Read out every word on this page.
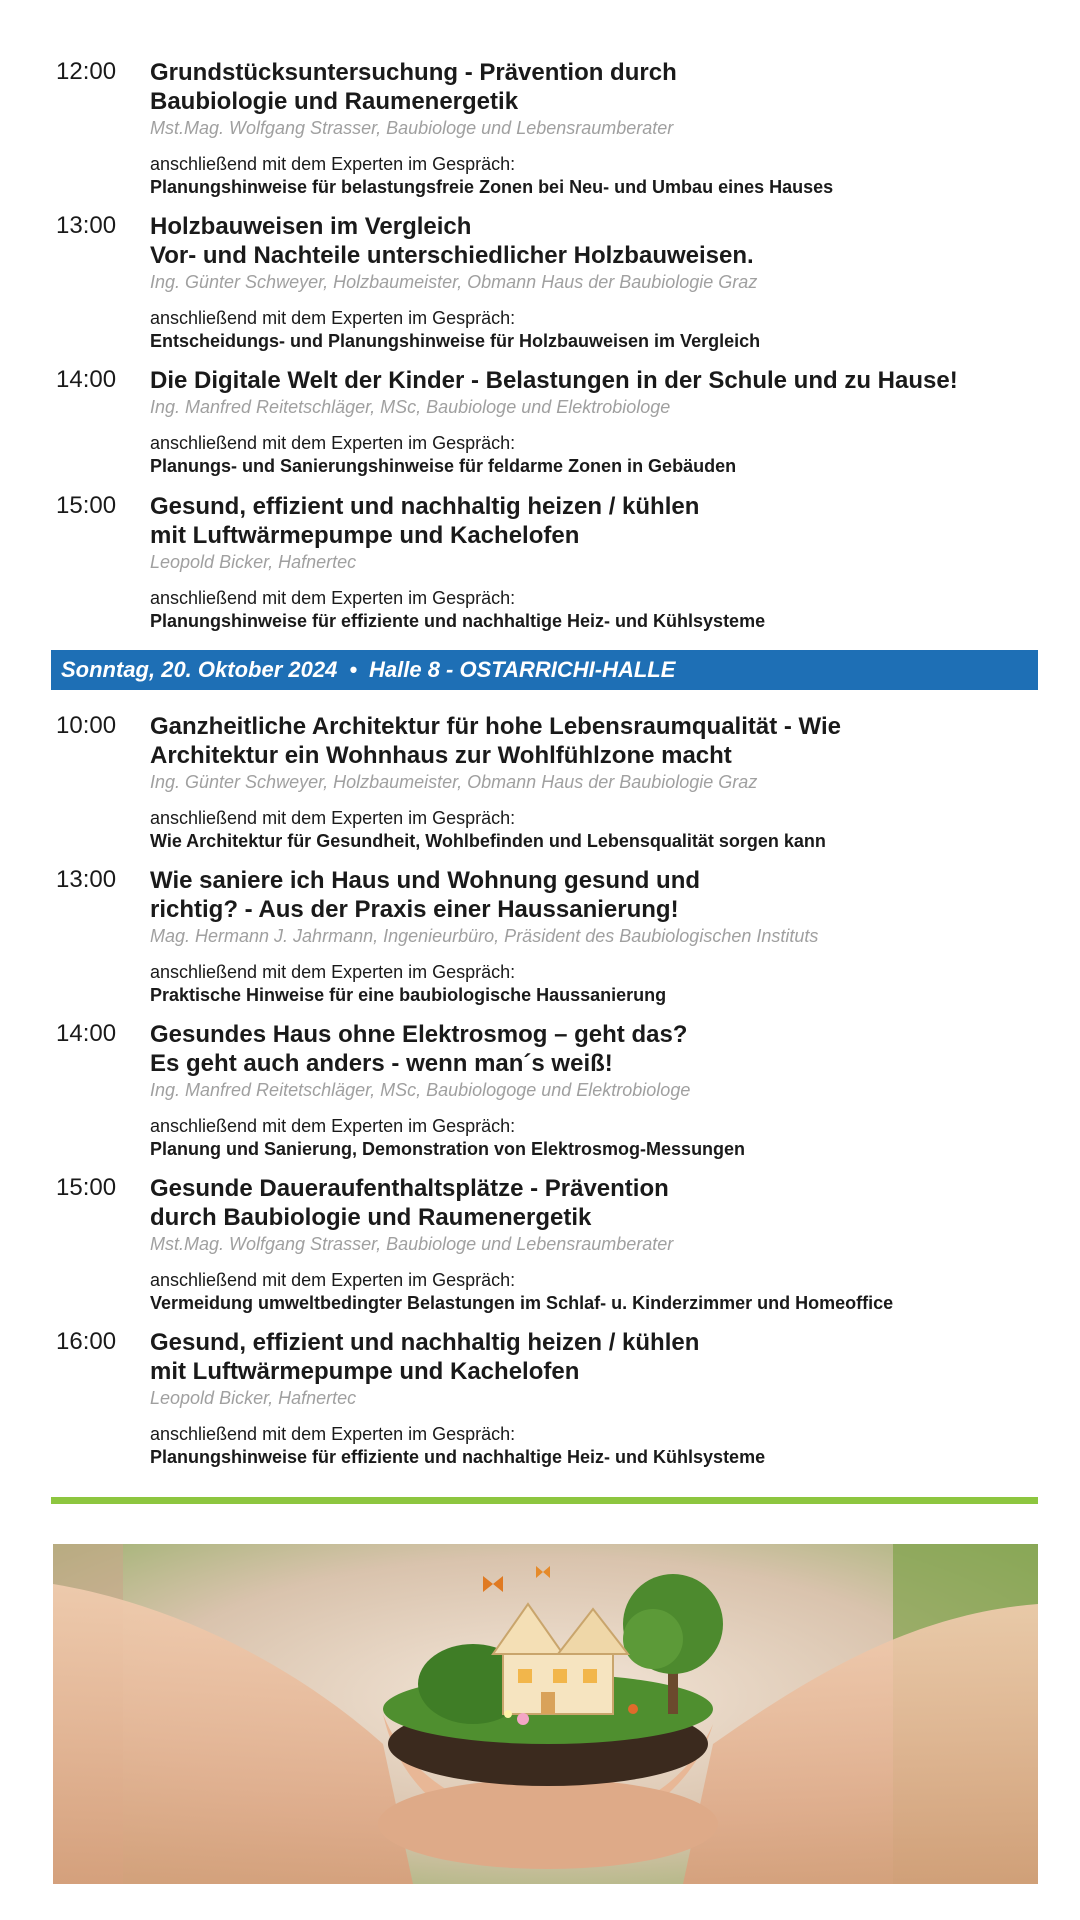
12:00 Grundstücksuntersuchung - Prävention durch
Baubiologie und Raumenergetik
Mst.Mag. Wolfgang Strasser, Baubiologe und Lebensraumberater
anschließend mit dem Experten im Gespräch:
Planungshinweise für belastungsfreie Zonen bei Neu- und Umbau eines Hauses
13:00 Holzbauweisen im Vergleich
Vor- und Nachteile unterschiedlicher Holzbauweisen.
Ing. Günter Schweyer, Holzbaumeister, Obmann Haus der Baubiologie Graz
anschließend mit dem Experten im Gespräch:
Entscheidungs- und Planungshinweise für Holzbauweisen im Vergleich
14:00 Die Digitale Welt der Kinder - Belastungen in der Schule und zu Hause!
Ing. Manfred Reitetschläger, MSc, Baubiologe und Elektrobiologe
anschließend mit dem Experten im Gespräch:
Planungs- und Sanierungshinweise für feldarme Zonen in Gebäuden
15:00 Gesund, effizient und nachhaltig heizen / kühlen
mit Luftwärmepumpe und Kachelofen
Leopold Bicker, Hafnertec
anschließend mit dem Experten im Gespräch:
Planungshinweise für effiziente und nachhaltige Heiz- und Kühlsysteme
Sonntag, 20. Oktober 2024 • Halle 8 - OSTARRICHI-HALLE
10:00 Ganzheitliche Architektur für hohe Lebensraumqualität - Wie
Architektur ein Wohnhaus zur Wohlfühlzone macht
Ing. Günter Schweyer, Holzbaumeister, Obmann Haus der Baubiologie Graz
anschließend mit dem Experten im Gespräch:
Wie Architektur für Gesundheit, Wohlbefinden und Lebensqualität sorgen kann
13:00 Wie saniere ich Haus und Wohnung gesund und
richtig? - Aus der Praxis einer Haussanierung!
Mag. Hermann J. Jahrmann, Ingenieurbüro, Präsident des Baubiologischen Instituts
anschließend mit dem Experten im Gespräch:
Praktische Hinweise für eine baubiologische Haussanierung
14:00 Gesundes Haus ohne Elektrosmog – geht das?
Es geht auch anders - wenn man´s weiß!
Ing. Manfred Reitetschläger, MSc, Baubiologoge und Elektrobiologe
anschließend mit dem Experten im Gespräch:
Planung und Sanierung, Demonstration von Elektrosmog-Messungen
15:00 Gesunde Daueraufenthaltsplätze - Prävention
durch Baubiologie und Raumenergetik
Mst.Mag. Wolfgang Strasser, Baubiologe und Lebensraumberater
anschließend mit dem Experten im Gespräch:
Vermeidung umweltbedingter Belastungen im Schlaf- u. Kinderzimmer und Homeoffice
16:00 Gesund, effizient und nachhaltig heizen / kühlen
mit Luftwärmepumpe und Kachelofen
Leopold Bicker, Hafnertec
anschließend mit dem Experten im Gespräch:
Planungshinweise für effiziente und nachhaltige Heiz- und Kühlsysteme
